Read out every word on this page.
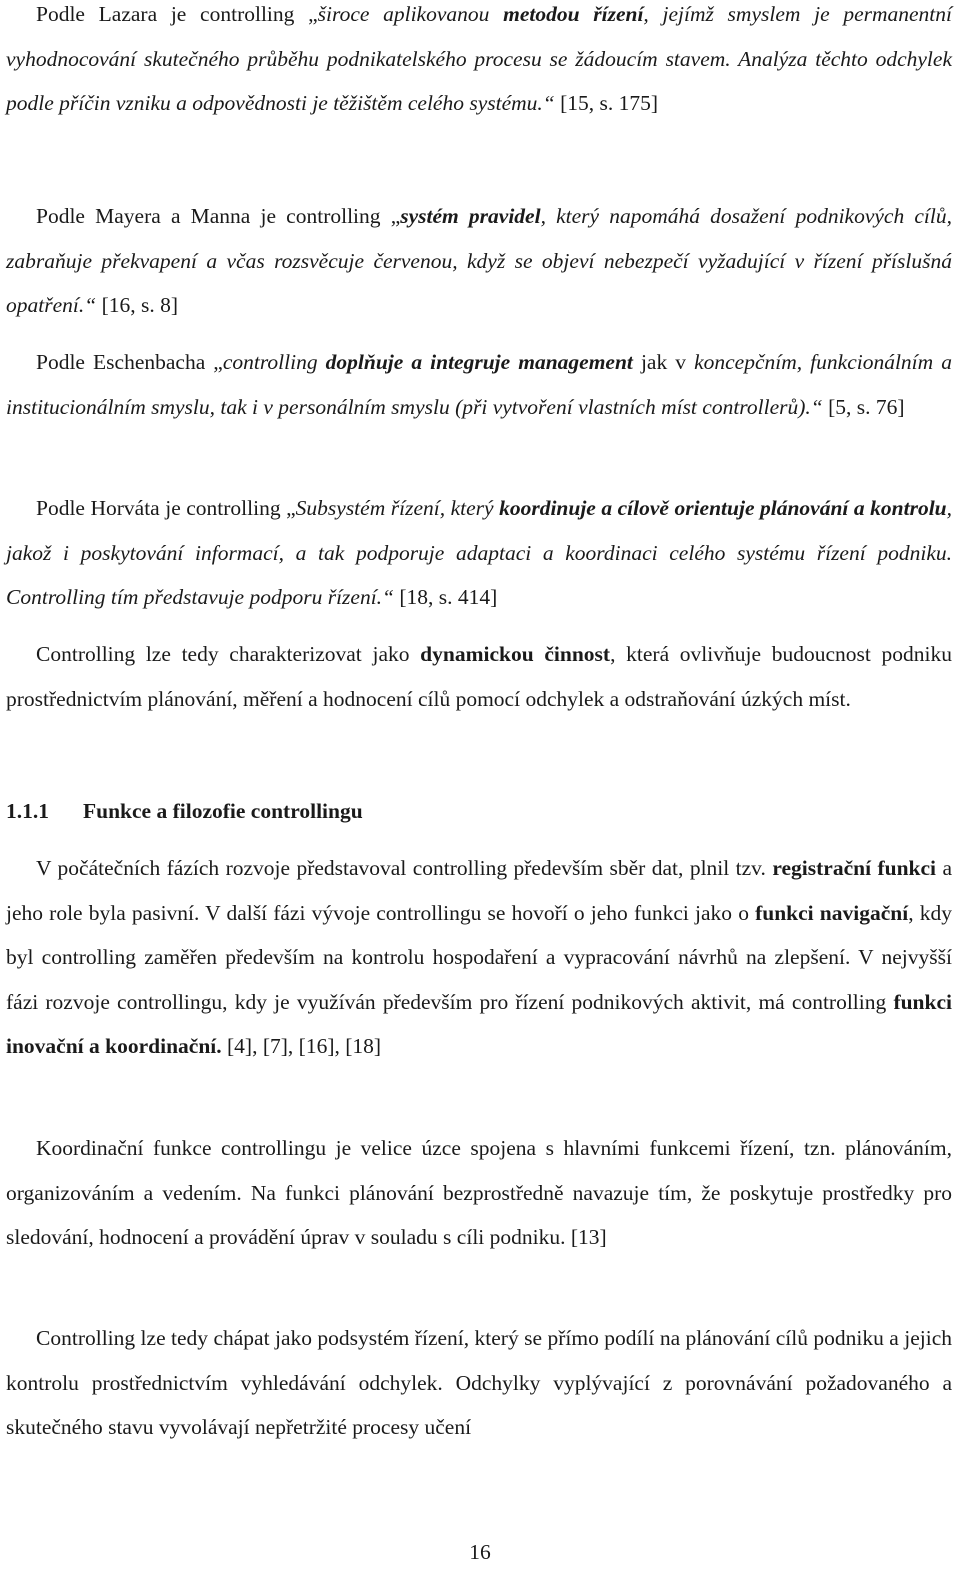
Podle Lazara je controlling „široce aplikovanou metodou řízení, jejímž smyslem je permanentní vyhodnocování skutečného průběhu podnikatelského procesu se žádoucím stavem. Analýza těchto odchylek podle příčin vzniku a odpovědnosti je těžištěm celého systému.“ [15, s. 175]

Podle Mayera a Manna je controlling „systém pravidel, který napomáhá dosažení podnikových cílů, zabraňuje překvapení a včas rozsvěcuje červenou, když se objeví nebezpečí vyžadující v řízení příslušná opatření.“ [16, s. 8]

Podle Eschenbacha „controlling doplňuje a integruje management jak v koncepčním, funkcionálním a institucionálním smyslu, tak i v personálním smyslu (při vytvoření vlastních míst controllerů).“ [5, s. 76]

Podle Horváta je controlling „Subsystém řízení, který koordinuje a cílově orientuje plánování a kontrolu, jakož i poskytování informací, a tak podporuje adaptaci a koordinaci celého systému řízení podniku. Controlling tím představuje podporu řízení.“ [18, s. 414]

Controlling lze tedy charakterizovat jako dynamickou činnost, která ovlivňuje budoucnost podniku prostřednictvím plánování, měření a hodnocení cílů pomocí odchylek a odstraňování úzkých míst.

1.1.1 Funkce a filozofie controllingu

V počátečních fázích rozvoje představoval controlling především sběr dat, plnil tzv. registrační funkci a jeho role byla pasivní. V další fázi vývoje controllingu se hovoří o jeho funkci jako o funkci navigační, kdy byl controlling zaměřen především na kontrolu hospodaření a vypracování návrhů na zlepšení. V nejvyšší fázi rozvoje controllingu, kdy je využíván především pro řízení podnikových aktivit, má controlling funkci inovační a koordinační. [4], [7], [16], [18]

Koordinační funkce controllingu je velice úzce spojena s hlavními funkcemi řízení, tzn. plánováním, organizováním a vedením. Na funkci plánování bezprostředně navazuje tím, že poskytuje prostředky pro sledování, hodnocení a provádění úprav v souladu s cíli podniku. [13]

Controlling lze tedy chápat jako podsystém řízení, který se přímo podílí na plánování cílů podniku a jejich kontrolu prostřednictvím vyhledávání odchylek. Odchylky vyplývající z porovnávání požadovaného a skutečného stavu vyvolávají nepřetržité procesy učení

16
